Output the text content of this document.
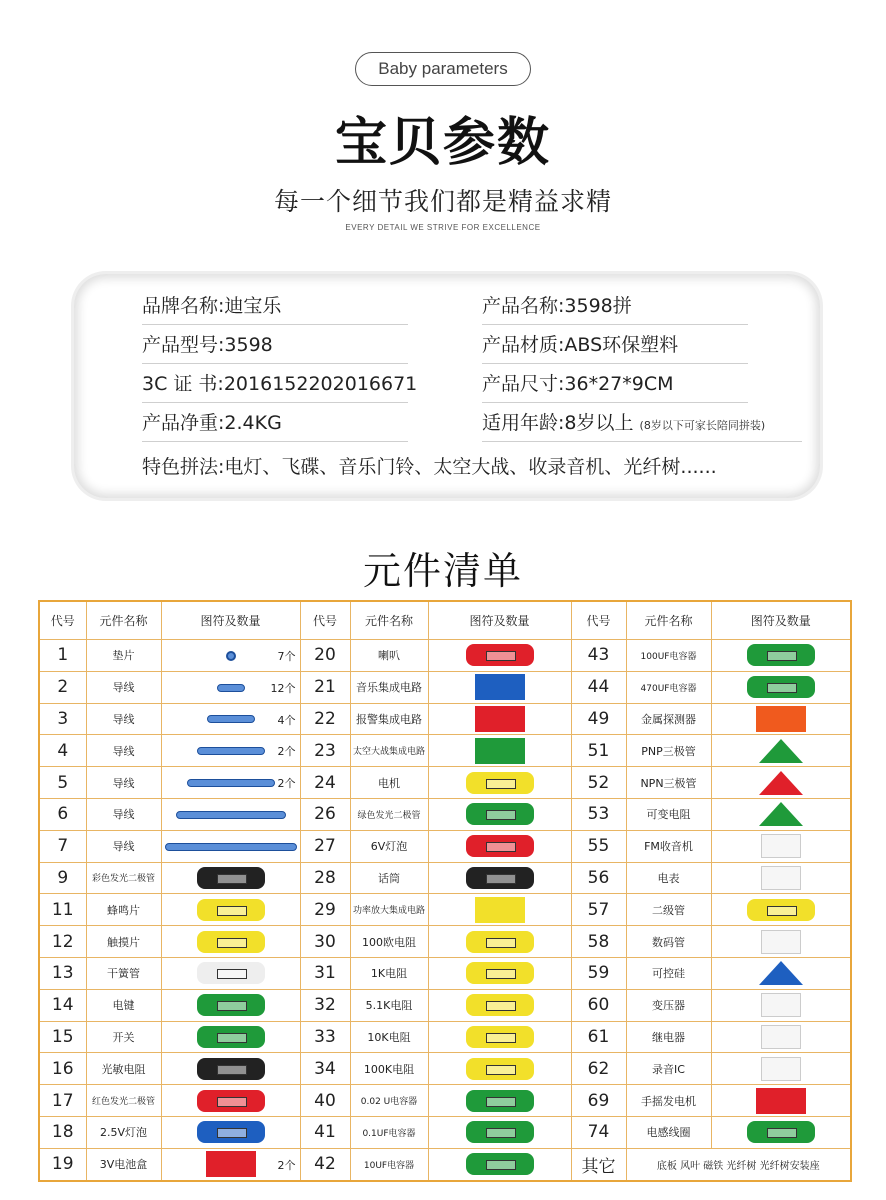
Baby parameters
宝贝参数
每一个细节我们都是精益求精
EVERY DETAIL WE STRIVE FOR EXCELLENCE
品牌名称:迪宝乐
产品型号:3598
3C 证 书:2016152202016671
产品净重:2.4KG
产品名称:3598拼
产品材质:ABS环保塑料
产品尺寸:36*27*9CM
适用年龄:8岁以上 (8岁以下可家长陪同拼装)
特色拼法:电灯、飞碟、音乐门铃、太空大战、收录音机、光纤树......
元件清单
代号	元件名称	图符及数量	代号	元件名称	图符及数量	代号	元件名称	图符及数量
1	垫片	7个	20	喇叭		43	100UF电容器	
2	导线	12个	21	音乐集成电路		44	470UF电容器	
3	导线	4个	22	报警集成电路		49	金属探测器	
4	导线	2个	23	太空大战集成电路		51	PNP三极管	
5	导线	2个	24	电机		52	NPN三极管	
6	导线		26	绿色发光二极管		53	可变电阻	
7	导线		27	6V灯泡		55	FM收音机	
9	彩色发光二极管		28	话筒		56	电表	
11	蜂鸣片		29	功率放大集成电路		57	二级管	
12	触摸片		30	100欧电阻		58	数码管	
13	干簧管		31	1K电阻		59	可控硅	
14	电键		32	5.1K电阻		60	变压器	
15	开关		33	10K电阻		61	继电器	
16	光敏电阻		34	100K电阻		62	录音IC	
17	红色发光二极管		40	0.02 U电容器		69	手摇发电机	
18	2.5V灯泡		41	0.1UF电容器		74	电感线圈	
19	3V电池盒	2个	42	10UF电容器		其它	底板 风叶 磁铁 光纤树 光纤树安装座	
